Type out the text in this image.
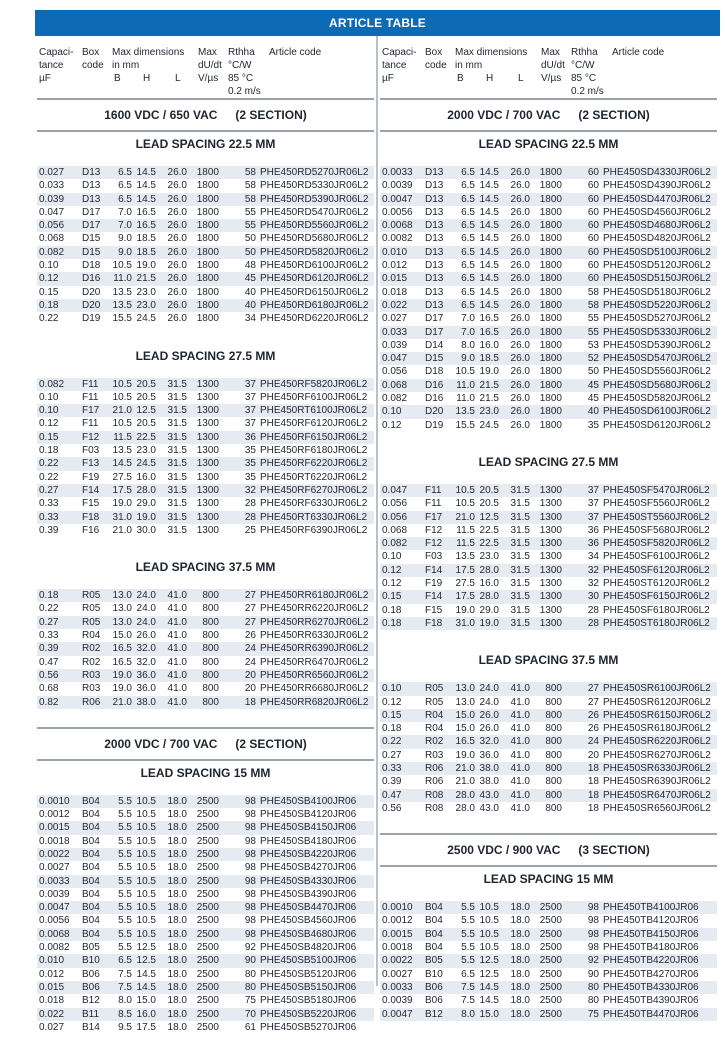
ARTICLE TABLE
Capaci-
tance
µF
Box
code
Max dimensions
in mm
B H L
Max
dU/dt
V/µs
Rthha
°C/W
85 °C
0.2 m/s
Article code
1600 VDC / 650 VAC (2 SECTION)
LEAD SPACING 22.5 MM
0.027 D13	6.5 14.5	26.0 1800	58 PHE450RD5270JR06L2
0.033 D13	6.5 14.5	26.0 1800	58 PHE450RD5330JR06L2
0.039 D13	6.5 14.5	26.0 1800	58 PHE450RD5390JR06L2
0.047 D17	7.0 16.5	26.0 1800	55 PHE450RD5470JR06L2
0.056 D17	7.0 16.5	26.0 1800	55 PHE450RD5560JR06L2
0.068 D15	9.0 18.5	26.0 1800	50 PHE450RD5680JR06L2
0.082 D15	9.0 18.5	26.0 1800	50 PHE450RD5820JR06L2
0.10 D18 10.5 19.0	26.0 1800	48 PHE450RD6100JR06L2
0.12 D16	11.0 21.5	26.0 1800	45 PHE450RD6120JR06L2
0.15 D20 13.5 23.0	26.0 1800	40 PHE450RD6150JR06L2
0.18 D20 13.5 23.0	26.0 1800	40 PHE450RD6180JR06L2
0.22 D19 15.5 24.5	26.0 1800	34 PHE450RD6220JR06L2
LEAD SPACING 27.5 MM
0.082 F11 10.5 20.5	31.5 1300	37 PHE450RF5820JR06L2
0.10 F11 10.5 20.5	31.5 1300	37 PHE450RF6100JR06L2
0.10 F17 21.0 12.5	31.5 1300	37 PHE450RT6100JR06L2
0.12 F11 10.5 20.5	31.5 1300	37 PHE450RF6120JR06L2
0.15 F12	11.5 22.5	31.5 1300	36 PHE450RF6150JR06L2
0.18 F03 13.5 23.0	31.5 1300	35 PHE450RF6180JR06L2
0.22 F13 14.5 24.5	31.5 1300	35 PHE450RF6220JR06L2
0.22 F19 27.5 16.0	31.5 1300	35 PHE450RT6220JR06L2
0.27 F14 17.5 28.0	31.5 1300	32 PHE450RF6270JR06L2
0.33 F15 19.0 29.0	31.5 1300	28 PHE450RF6330JR06L2
0.33 F18 31.0 19.0	31.5 1300	28 PHE450RT6330JR06L2
0.39 F16 21.0 30.0	31.5 1300	25 PHE450RF6390JR06L2
LEAD SPACING 37.5 MM
0.18 R05 13.0 24.0	41.0	800	27 PHE450RR6180JR06L2
0.22 R05 13.0 24.0	41.0	800	27 PHE450RR6220JR06L2
0.27 R05 13.0 24.0	41.0	800	27 PHE450RR6270JR06L2
0.33 R04 15.0 26.0	41.0	800	26 PHE450RR6330JR06L2
0.39 R02 16.5 32.0	41.0	800	24 PHE450RR6390JR06L2
0.47 R02 16.5 32.0	41.0	800	24 PHE450RR6470JR06L2
0.56 R03 19.0 36.0	41.0	800	20 PHE450RR6560JR06L2
0.68 R03 19.0 36.0	41.0	800	20 PHE450RR6680JR06L2
0.82 R06 21.0 38.0	41.0	800	18 PHE450RR6820JR06L2
2000 VDC / 700 VAC (2 SECTION)
LEAD SPACING 15 MM
0.0010 B04	5.5 10.5	18.0 2500	98 PHE450SB4100JR06
0.0012 B04	5.5 10.5	18.0 2500	98 PHE450SB4120JR06
0.0015 B04	5.5 10.5	18.0 2500	98 PHE450SB4150JR06
0.0018 B04	5.5 10.5	18.0 2500	98 PHE450SB4180JR06
0.0022 B04	5.5 10.5	18.0 2500	98 PHE450SB4220JR06
0.0027 B04	5.5 10.5	18.0 2500	98 PHE450SB4270JR06
0.0033 B04	5.5 10.5	18.0 2500	98 PHE450SB4330JR06
0.0039 B04	5.5 10.5	18.0 2500	98 PHE450SB4390JR06
0.0047 B04	5.5 10.5	18.0 2500	98 PHE450SB4470JR06
0.0056 B04	5.5 10.5	18.0 2500	98 PHE450SB4560JR06
0.0068 B04	5.5 10.5	18.0 2500	98 PHE450SB4680JR06
0.0082 B05	5.5 12.5	18.0 2500	92 PHE450SB4820JR06
0.010 B10	6.5 12.5	18.0 2500	90 PHE450SB5100JR06
0.012 B06	7.5 14.5	18.0 2500	80 PHE450SB5120JR06
0.015 B06	7.5 14.5	18.0 2500	80 PHE450SB5150JR06
0.018 B12	8.0 15.0	18.0 2500	75 PHE450SB5180JR06
0.022 B11	8.5 16.0	18.0 2500	70 PHE450SB5220JR06
0.027 B14	9.5 17.5	18.0 2500	61 PHE450SB5270JR06
Capaci-
tance
µF
Box
code
Max dimensions
in mm
B H L
Max
dU/dt
V/µs
Rthha
°C/W
85 °C
0.2 m/s
Article code
2000 VDC / 700 VAC (2 SECTION)
LEAD SPACING 22.5 MM
0.0033 D13	6.5 14.5	26.0 1800	60 PHE450SD4330JR06L2
0.0039 D13	6.5 14.5	26.0 1800	60 PHE450SD4390JR06L2
0.0047 D13	6.5 14.5	26.0 1800	60 PHE450SD4470JR06L2
0.0056 D13	6.5 14.5	26.0 1800	60 PHE450SD4560JR06L2
0.0068 D13	6.5 14.5	26.0 1800	60 PHE450SD4680JR06L2
0.0082 D13	6.5 14.5	26.0 1800	60 PHE450SD4820JR06L2
0.010 D13	6.5 14.5	26.0 1800	60 PHE450SD5100JR06L2
0.012 D13	6.5 14.5	26.0 1800	60 PHE450SD5120JR06L2
0.015 D13	6.5 14.5	26.0 1800	60 PHE450SD5150JR06L2
0.018 D13	6.5 14.5	26.0 1800	58 PHE450SD5180JR06L2
0.022 D13	6.5 14.5	26.0 1800	58 PHE450SD5220JR06L2
0.027 D17	7.0 16.5	26.0 1800	55 PHE450SD5270JR06L2
0.033 D17	7.0 16.5	26.0 1800	55 PHE450SD5330JR06L2
0.039 D14	8.0 16.0	26.0 1800	53 PHE450SD5390JR06L2
0.047 D15	9.0 18.5	26.0 1800	52 PHE450SD5470JR06L2
0.056 D18 10.5 19.0	26.0 1800	50 PHE450SD5560JR06L2
0.068 D16	11.0 21.5	26.0 1800	45 PHE450SD5680JR06L2
0.082 D16	11.0 21.5	26.0 1800	45 PHE450SD5820JR06L2
0.10 D20 13.5 23.0	26.0 1800	40 PHE450SD6100JR06L2
0.12 D19 15.5 24.5	26.0 1800	35 PHE450SD6120JR06L2
LEAD SPACING 27.5 MM
0.047 F11 10.5 20.5	31.5 1300	37 PHE450SF5470JR06L2
0.056 F11 10.5 20.5	31.5 1300	37 PHE450SF5560JR06L2
0.056 F17 21.0 12.5	31.5 1300	37 PHE450ST5560JR06L2
0.068 F12	11.5 22.5	31.5 1300	36 PHE450SF5680JR06L2
0.082 F12	11.5 22.5	31.5 1300	36 PHE450SF5820JR06L2
0.10 F03 13.5 23.0	31.5 1300	34 PHE450SF6100JR06L2
0.12 F14 17.5 28.0	31.5 1300	32 PHE450SF6120JR06L2
0.12 F19 27.5 16.0	31.5 1300	32 PHE450ST6120JR06L2
0.15 F14 17.5 28.0	31.5 1300	30 PHE450SF6150JR06L2
0.18 F15 19.0 29.0	31.5 1300	28 PHE450SF6180JR06L2
0.18 F18 31.0 19.0	31.5 1300	28 PHE450ST6180JR06L2
LEAD SPACING 37.5 MM
0.10 R05 13.0 24.0	41.0	800	27 PHE450SR6100JR06L2
0.12 R05 13.0 24.0	41.0	800	27 PHE450SR6120JR06L2
0.15 R04 15.0 26.0	41.0	800	26 PHE450SR6150JR06L2
0.18 R04 15.0 26.0	41.0	800	26 PHE450SR6180JR06L2
0.22 R02 16.5 32.0	41.0	800	24 PHE450SR6220JR06L2
0.27 R03 19.0 36.0	41.0	800	20 PHE450SR6270JR06L2
0.33 R06 21.0 38.0	41.0	800	18 PHE450SR6330JR06L2
0.39 R06 21.0 38.0	41.0	800	18 PHE450SR6390JR06L2
0.47 R08 28.0 43.0	41.0	800	18 PHE450SR6470JR06L2
0.56 R08 28.0 43.0	41.0	800	18 PHE450SR6560JR06L2
2500 VDC / 900 VAC (3 SECTION)
LEAD SPACING 15 MM
0.0010 B04	5.5 10.5	18.0 2500	98 PHE450TB4100JR06
0.0012 B04	5.5 10.5	18.0 2500	98 PHE450TB4120JR06
0.0015 B04	5.5 10.5	18.0 2500	98 PHE450TB4150JR06
0.0018 B04	5.5 10.5	18.0 2500	98 PHE450TB4180JR06
0.0022 B05	5.5 12.5	18.0 2500	92 PHE450TB4220JR06
0.0027 B10	6.5 12.5	18.0 2500	90 PHE450TB4270JR06
0.0033 B06	7.5 14.5	18.0 2500	80 PHE450TB4330JR06
0.0039 B06	7.5 14.5	18.0 2500	80 PHE450TB4390JR06
0.0047 B12	8.0 15.0	18.0 2500	75 PHE450TB4470JR06
